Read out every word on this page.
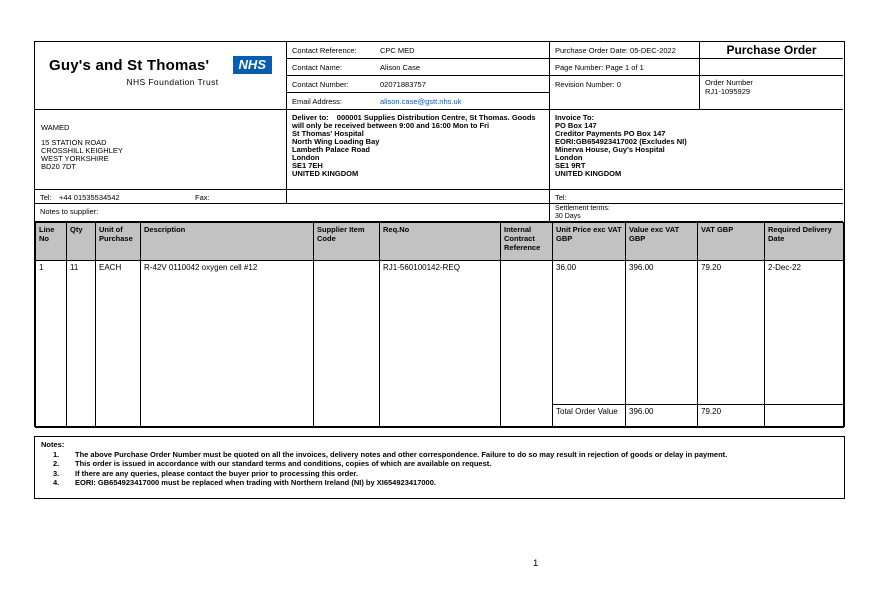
Guy's and St Thomas'	NHS
NHS Foundation Trust
Contact Reference:	CPC MED
Contact Name:	Alison Case
Contact Number:	02071883757
Email Address:	alison.case@gstt.nhs.uk
Purchase Order Date: 05-DEC-2022
Page Number: Page 1 of 1
Revision Number: 0
Purchase Order
Order Number
RJ1-1095929
WAMED
15 STATION ROAD
CROSSHILL KEIGHLEY
WEST YORKSHIRE
BD20 7DT
Deliver to: 000001 Supplies Distribution Centre, St Thomas. Goods will only be received between 9:00 and 16:00 Mon to Fri
St Thomas' Hospital
North Wing Loading Bay
Lambeth Palace Road
London
SE1 7EH
UNITED KINGDOM
Invoice To:
PO Box 147
Creditor Payments PO Box 147
EORI:GB654923417002 (Excludes NI)
Minerva House, Guy's Hospital
London
SE1 9RT
UNITED KINGDOM
Tel: +44 01535534542	Fax:	Tel:
Notes to supplier:	Settlement terms:
30 Days
Line No	Qty	Unit of Purchase	Description	Supplier Item Code	Req.No	Internal Contract Reference	Unit Price exc VAT GBP	Value exc VAT GBP	VAT GBP	Required Delivery Date
1	11	EACH	R-42V 0110042 oxygen cell #12		RJ1-560100142-REQ		36.00	396.00	79.20	2-Dec-22
							Total Order Value	396.00	79.20	
Notes:
1.	The above Purchase Order Number must be quoted on all the invoices, delivery notes and other correspondence. Failure to do so may result in rejection of goods or delay in payment.
2.	This order is issued in accordance with our standard terms and conditions, copies of which are available on request.
3.	If there are any queries, please contact the buyer prior to processing this order.
4.	EORI: GB654923417000 must be replaced when trading with Northern Ireland (NI) by XI654923417000.
1
